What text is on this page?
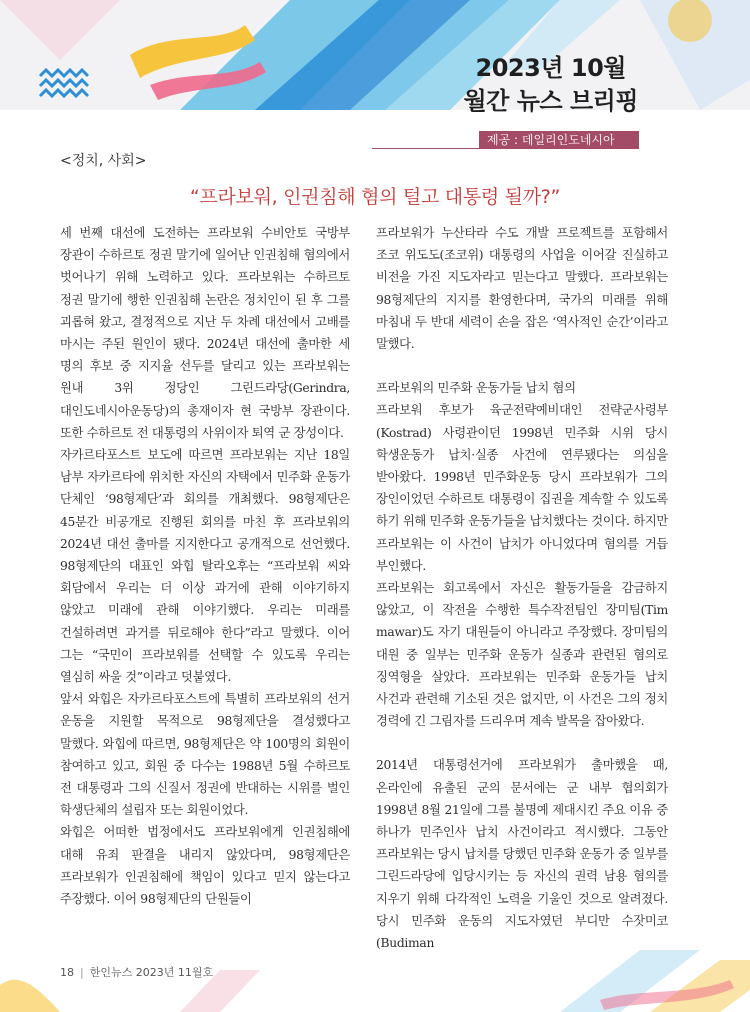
2023년 10월
월간 뉴스 브리핑
제공 : 데일리인도네시아
<정치, 사회>
“프라보워, 인권침해 혐의 털고 대통령 될까?”

세 번째 대선에 도전하는 프라보워 수비안토 국방부 장관이 수하르토 정권 말기에 일어난 인권침해 혐의에서 벗어나기 위해 노력하고 있다. 프라보워는 수하르토 정권 말기에 행한 인권침해 논란은 정치인이 된 후 그를 괴롭혀 왔고, 결정적으로 지난 두 차례 대선에서 고배를 마시는 주된 원인이 됐다. 2024년 대선에 출마한 세 명의 후보 중 지지율 선두를 달리고 있는 프라보워는 원내 3위 정당인 그린드라당(Gerindra, 대인도네시아운동당)의 총재이자 현 국방부 장관이다. 또한 수하르토 전 대통령의 사위이자 퇴역 군 장성이다.

자카르타포스트 보도에 따르면 프라보워는 지난 18일 남부 자카르타에 위치한 자신의 자택에서 민주화 운동가 단체인 ‘98형제단’과 회의를 개최했다. 98형제단은 45분간 비공개로 진행된 회의를 마친 후 프라보워의 2024년 대선 출마를 지지한다고 공개적으로 선언했다. 98형제단의 대표인 와힙 탈라오후는 “프라보워 씨와 회담에서 우리는 더 이상 과거에 관해 이야기하지 않았고 미래에 관해 이야기했다. 우리는 미래를 건설하려면 과거를 뒤로해야 한다”라고 말했다. 이어 그는 “국민이 프라보워를 선택할 수 있도록 우리는 열심히 싸울 것”이라고 덧붙였다.

앞서 와힙은 자카르타포스트에 특별히 프라보워의 선거 운동을 지원할 목적으로 98형제단을 결성했다고 말했다. 와힙에 따르면, 98형제단은 약 100명의 회원이 참여하고 있고, 회원 중 다수는 1988년 5월 수하르토 전 대통령과 그의 신질서 정권에 반대하는 시위를 벌인 학생단체의 설립자 또는 회원이었다.

와힙은 어떠한 법정에서도 프라보워에게 인권침해에 대해 유죄 판결을 내리지 않았다며, 98형제단은 프라보워가 인권침해에 책임이 있다고 믿지 않는다고 주장했다. 이어 98형제단의 단원들이

프라보워가 누산타라 수도 개발 프로젝트를 포함해서 조코 위도도(조코위) 대통령의 사업을 이어갈 진실하고 비전을 가진 지도자라고 믿는다고 말했다. 프라보워는 98형제단의 지지를 환영한다며, 국가의 미래를 위해 마침내 두 반대 세력이 손을 잡은 ‘역사적인 순간’이라고 말했다.

프라보워의 민주화 운동가들 납치 혐의

프라보워 후보가 육군전략예비대인 전략군사령부(Kostrad) 사령관이던 1998년 민주화 시위 당시 학생운동가 납치·실종 사건에 연루됐다는 의심을 받아왔다. 1998년 민주화운동 당시 프라보워가 그의 장인이었던 수하르토 대통령이 집권을 계속할 수 있도록 하기 위해 민주화 운동가들을 납치했다는 것이다. 하지만 프라보워는 이 사건이 납치가 아니었다며 혐의를 거듭 부인했다.

프라보워는 회고록에서 자신은 활동가들을 감금하지 않았고, 이 작전을 수행한 특수작전팀인 장미팀(Tim mawar)도 자기 대원들이 아니라고 주장했다. 장미팀의 대원 중 일부는 민주화 운동가 실종과 관련된 혐의로 징역형을 살았다. 프라보워는 민주화 운동가들 납치 사건과 관련해 기소된 것은 없지만, 이 사건은 그의 정치 경력에 긴 그림자를 드리우며 계속 발목을 잡아왔다.

2014년 대통령선거에 프라보워가 출마했을 때, 온라인에 유출된 군의 문서에는 군 내부 협의회가 1998년 8월 21일에 그를 불명예 제대시킨 주요 이유 중 하나가 민주인사 납치 사건이라고 적시했다. 그동안 프라보워는 당시 납치를 당했던 민주화 운동가 중 일부를 그린드라당에 입당시키는 등 자신의 권력 남용 혐의를 지우기 위해 다각적인 노력을 기울인 것으로 알려졌다. 당시 민주화 운동의 지도자였던 부디만 수잣미코(Budiman

18 | 한인뉴스 2023년 11월호
